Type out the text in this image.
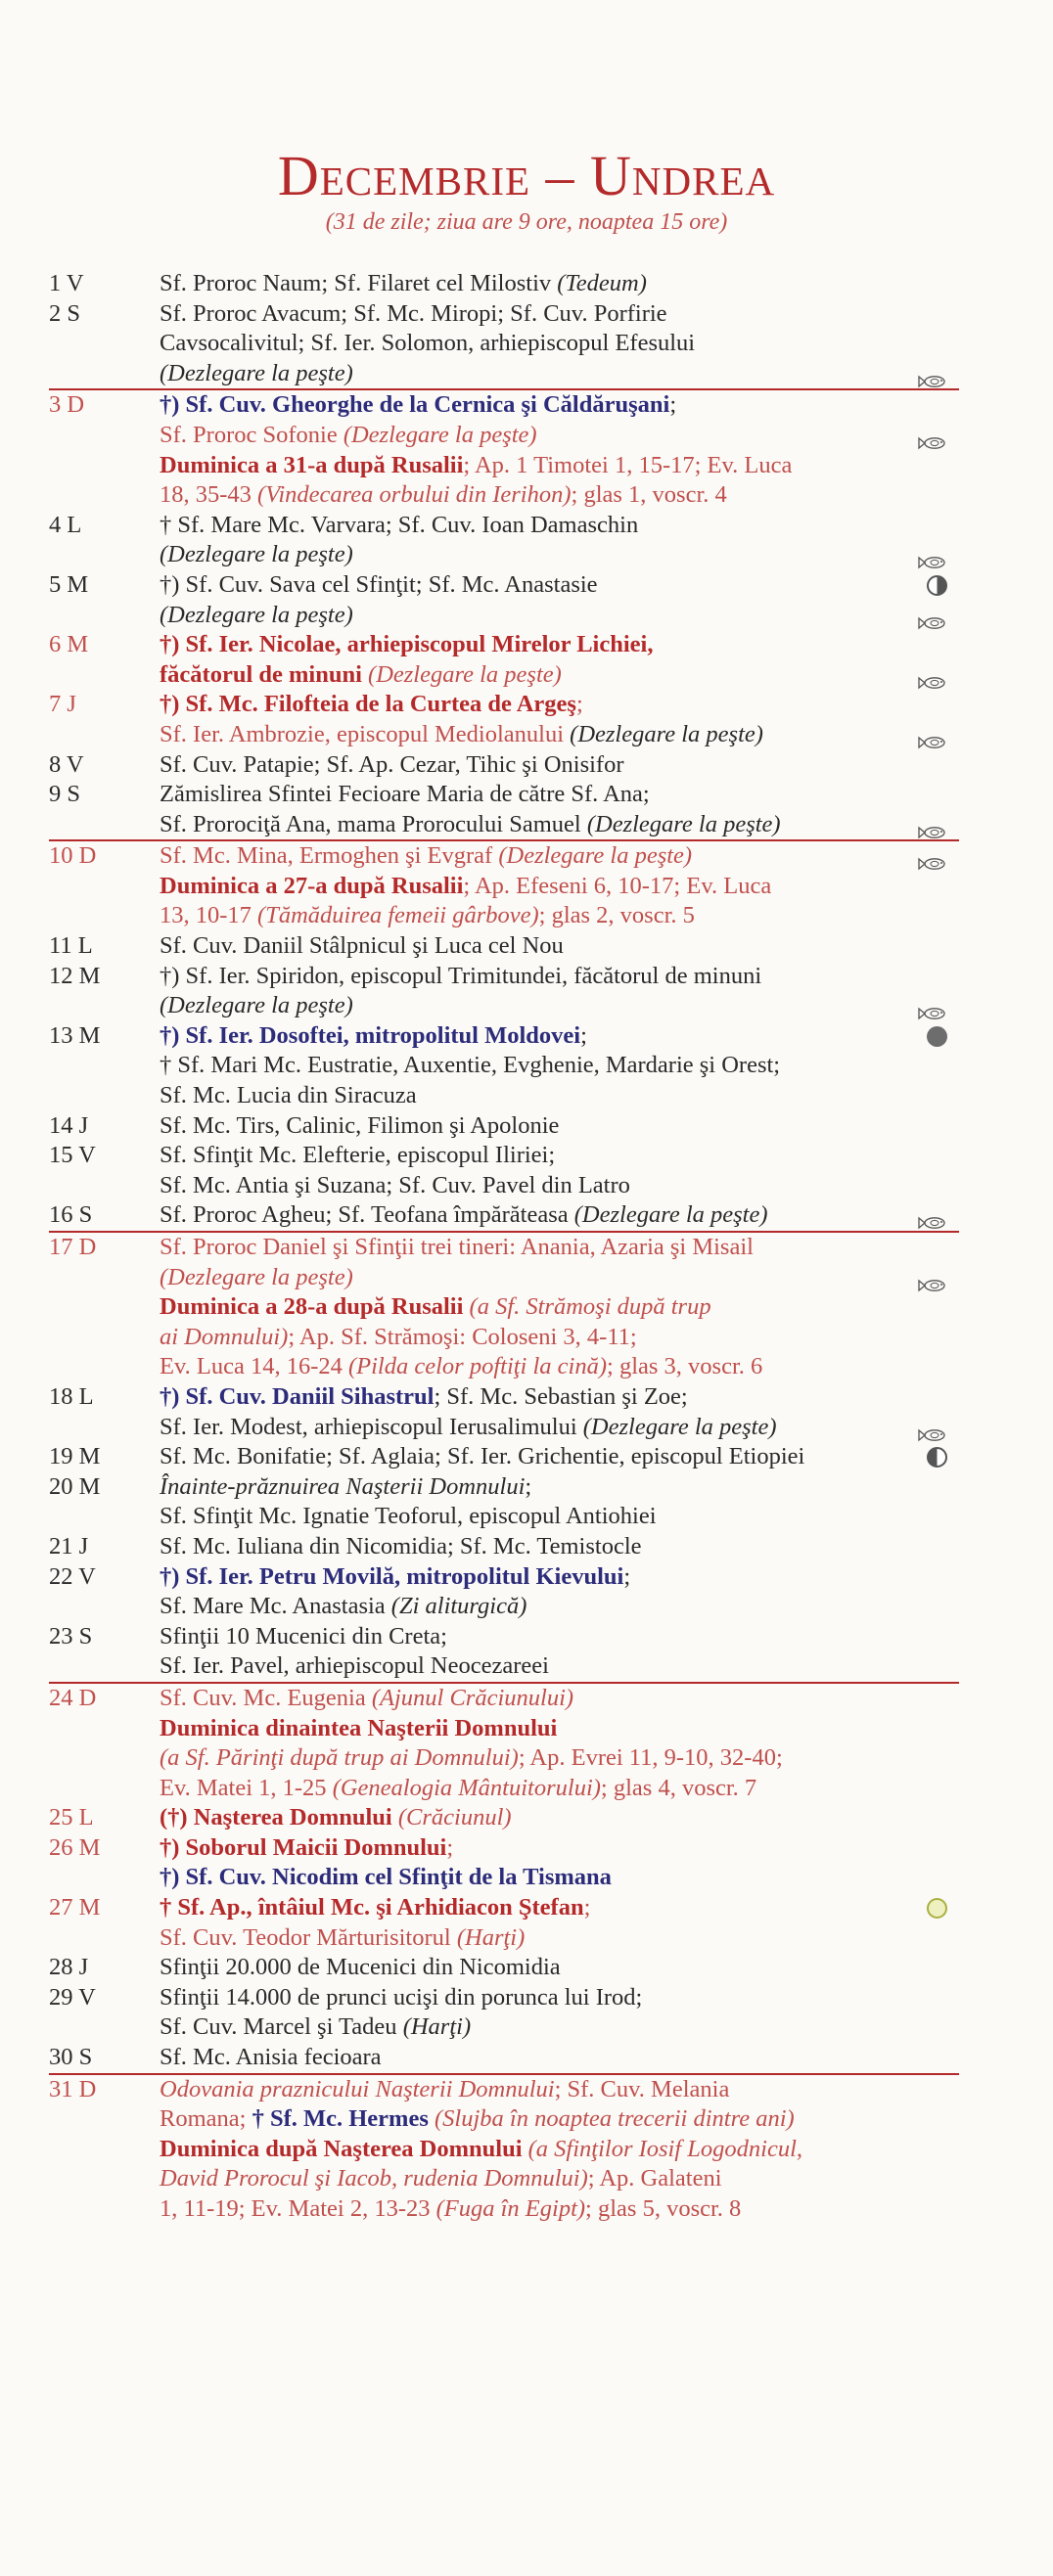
Decembrie – Undrea
(31 de zile; ziua are 9 ore, noaptea 15 ore)
1 V	Sf. Proroc Naum; Sf. Filaret cel Milostiv (Tedeum)
2 S	Sf. Proroc Avacum; Sf. Mc. Miropi; Sf. Cuv. Porfirie
Cavsocalivitul; Sf. Ier. Solomon, arhiepiscopul Efesului
(Dezlegare la peşte)
3 D	†) Sf. Cuv. Gheorghe de la Cernica şi Căldăruşani;
Sf. Proroc Sofonie (Dezlegare la peşte)
Duminica a 31-a după Rusalii; Ap. 1 Timotei 1, 15-17; Ev. Luca
18, 35-43 (Vindecarea orbului din Ierihon); glas 1, voscr. 4
4 L	† Sf. Mare Mc. Varvara; Sf. Cuv. Ioan Damaschin
(Dezlegare la peşte)
5 M	†) Sf. Cuv. Sava cel Sfinţit; Sf. Mc. Anastasie
(Dezlegare la peşte)
6 M	†) Sf. Ier. Nicolae, arhiepiscopul Mirelor Lichiei,
făcătorul de minuni (Dezlegare la peşte)
7 J	†) Sf. Mc. Filofteia de la Curtea de Argeş;
Sf. Ier. Ambrozie, episcopul Mediolanului (Dezlegare la peşte)
8 V	Sf. Cuv. Patapie; Sf. Ap. Cezar, Tihic şi Onisifor
9 S	Zămislirea Sfintei Fecioare Maria de către Sf. Ana;
Sf. Prorociţă Ana, mama Prorocului Samuel (Dezlegare la peşte)
10 D	Sf. Mc. Mina, Ermoghen şi Evgraf (Dezlegare la peşte)
Duminica a 27-a după Rusalii; Ap. Efeseni 6, 10-17; Ev. Luca
13, 10-17 (Tămăduirea femeii gârbove); glas 2, voscr. 5
11 L	Sf. Cuv. Daniil Stâlpnicul şi Luca cel Nou
12 M	†) Sf. Ier. Spiridon, episcopul Trimitundei, făcătorul de minuni
(Dezlegare la peşte)
13 M	†) Sf. Ier. Dosoftei, mitropolitul Moldovei;
† Sf. Mari Mc. Eustratie, Auxentie, Evghenie, Mardarie şi Orest;
Sf. Mc. Lucia din Siracuza
14 J	Sf. Mc. Tirs, Calinic, Filimon şi Apolonie
15 V	Sf. Sfinţit Mc. Elefterie, episcopul Iliriei;
Sf. Mc. Antia şi Suzana; Sf. Cuv. Pavel din Latro
16 S	Sf. Proroc Agheu; Sf. Teofana împărăteasa (Dezlegare la peşte)
17 D	Sf. Proroc Daniel şi Sfinţii trei tineri: Anania, Azaria şi Misail
(Dezlegare la peşte)
Duminica a 28-a după Rusalii (a Sf. Strămoşi după trup
ai Domnului); Ap. Sf. Strămoşi: Coloseni 3, 4-11;
Ev. Luca 14, 16-24 (Pilda celor poftiţi la cină); glas 3, voscr. 6
18 L	†) Sf. Cuv. Daniil Sihastrul; Sf. Mc. Sebastian şi Zoe;
Sf. Ier. Modest, arhiepiscopul Ierusalimului (Dezlegare la peşte)
19 M	Sf. Mc. Bonifatie; Sf. Aglaia; Sf. Ier. Grichentie, episcopul Etiopiei
20 M	Înainte-prăznuirea Naşterii Domnului;
Sf. Sfinţit Mc. Ignatie Teoforul, episcopul Antiohiei
21 J	Sf. Mc. Iuliana din Nicomidia; Sf. Mc. Temistocle
22 V	†) Sf. Ier. Petru Movilă, mitropolitul Kievului;
Sf. Mare Mc. Anastasia (Zi aliturgică)
23 S	Sfinţii 10 Mucenici din Creta;
Sf. Ier. Pavel, arhiepiscopul Neocezareei
24 D	Sf. Cuv. Mc. Eugenia (Ajunul Crăciunului)
Duminica dinaintea Naşterii Domnului
(a Sf. Părinţi după trup ai Domnului); Ap. Evrei 11, 9-10, 32-40;
Ev. Matei 1, 1-25 (Genealogia Mântuitorului); glas 4, voscr. 7
25 L	(†) Naşterea Domnului (Crăciunul)
26 M	†) Soborul Maicii Domnului;
†) Sf. Cuv. Nicodim cel Sfinţit de la Tismana
27 M	† Sf. Ap., întâiul Mc. şi Arhidiacon Ştefan;
Sf. Cuv. Teodor Mărturisitorul (Harţi)
28 J	Sfinţii 20.000 de Mucenici din Nicomidia
29 V	Sfinţii 14.000 de prunci ucişi din porunca lui Irod;
Sf. Cuv. Marcel şi Tadeu (Harţi)
30 S	Sf. Mc. Anisia fecioara
31 D	Odovania praznicului Naşterii Domnului; Sf. Cuv. Melania
Romana; † Sf. Mc. Hermes (Slujba în noaptea trecerii dintre ani)
Duminica după Naşterea Domnului (a Sfinţilor Iosif Logodnicul,
David Prorocul şi Iacob, rudenia Domnului); Ap. Galateni
1, 11-19; Ev. Matei 2, 13-23 (Fuga în Egipt); glas 5, voscr. 8
